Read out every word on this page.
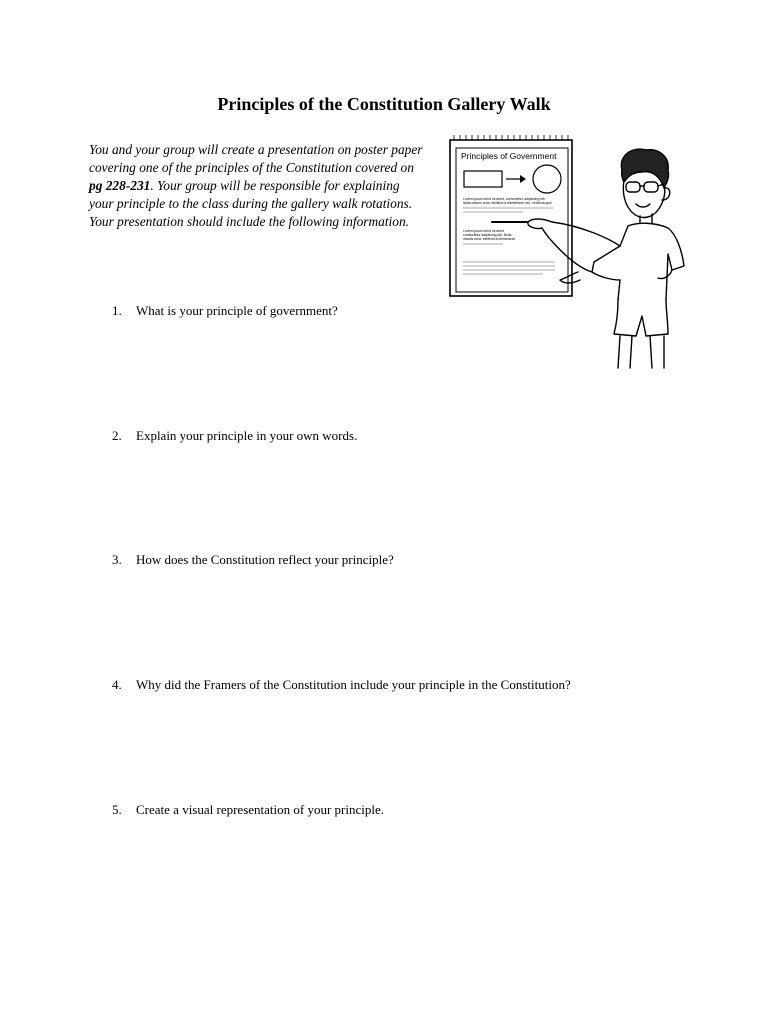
Principles of the Constitution Gallery Walk
You and your group will create a presentation on poster paper covering one of the principles of the Constitution covered on pg 228-231. Your group will be responsible for explaining your principle to the class during the gallery walk rotations. Your presentation should include the following information.
Principles of Government
Lorem ipsum dolor sit amet, consectetur adipiscing elit.
Nulla mauris urna, eleifend a elementum nec, vehicula quis
Lorem ipsum dolor sit amet
consectetur adipiscing elit. Nulla
mauris urna, eleifend a elementum
1. What is your principle of government?
2. Explain your principle in your own words.
3. How does the Constitution reflect your principle?
4. Why did the Framers of the Constitution include your principle in the Constitution?
5. Create a visual representation of your principle.
